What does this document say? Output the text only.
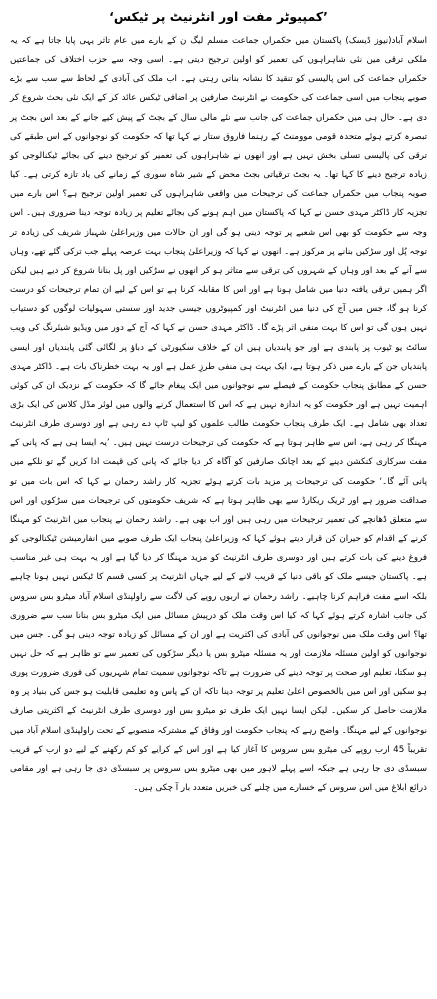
’کمپیوٹر مفت اور انٹرنیٹ پر ٹیکس‘

اسلام آباد(نیوز ڈیسک) پاکستان میں حکمراں جماعت مسلم لیگ ن کے بارے میں عام تاثر یہی پایا جاتا ہے کہ یہ ملکی ترقی میں نئی شاہراہوں کی تعمیر کو اولین ترجیح دیتی ہے۔ اسی وجہ سے حزب اختلاف کی جماعتیں حکمراں جماعت کی اس پالیسی کو تنقید کا نشانہ بناتی رہتی ہے۔ اب ملک کی آبادی کے لحاظ سے سب سے بڑے صوبے پنجاب میں اسی جماعت کی حکومت نے انٹرنیٹ صارفین پر اضافی ٹیکس عائد کر کے ایک نئی بحث شروع کر دی ہے۔ حال ہی میں حکمراں جماعت کی جانب سے نئے مالی سال کے بجٹ کے پیش کیے جانے کے بعد اس بجٹ پر تبصرہ کرتے ہوئے متحدہ قومی موومنٹ کے رہنما فاروق ستار نے کہا تھا کہ حکومت کو نوجوانوں کے اس طبقے کی ترقی کی پالیسی تسلی بخش نہیں ہے اور انھوں نے شاہراہوں کی تعمیر کو ترجیح دینے کی بجائے ٹیکنالوجی کو زیادہ ترجیح دینے کا کہا تھا۔ یہ بجٹ ترقیاتی بجٹ محض کے شیر شاہ سوری کے زمانے کی یاد تازہ کرتی ہے۔ کیا صوبہ پنجاب میں حکمراں جماعت کی ترجیحات میں واقعی شاہراہوں کی تعمیر اولین ترجیح ہے؟ اس بارے میں تجزیہ کار ڈاکٹر مہدی حسن نے کہا کہ پاکستان میں اہم ہونے کی بجائے تعلیم پر زیادہ توجہ دینا ضروری ہیں۔ اس وجہ سے حکومت کو بھی اس شعبے پر توجہ دینی ہو گی اور ان حالات میں وزیراعلیٰ شہباز شریف کی زیادہ تر توجہ پُل اور سڑکیں بنانے پر مرکوز ہے۔ انھوں نے کہا کہ وزیراعلیٰ پنجاب بہت عرصہ پہلے جب ترکی گئے تھے، وہاں سے آنے کے بعد اور وہاں کے شہروں کی ترقی سے متاثر ہو کر انھوں نے سڑکیں اور پل بنانا شروع کر دیے ہیں لیکن اگر ہمیں ترقی یافتہ دنیا میں شامل ہونا ہے اور اس کا مقابلہ کرنا ہے تو اس کے لیے ان تمام ترجیحات کو درست کرنا ہو گا، جس میں آج کی دنیا میں انٹرنیٹ اور کمپیوٹروں جیسی جدید اور سستی سہولیات لوگوں کو دستیاب نہیں ہوں گی تو اس کا بہت منفی اثر پڑے گا۔ ڈاکٹر مہدی حسن نے کہا کہ آج کے دور میں ویڈیو شیئرنگ کی ویب سائٹ یو ٹیوب پر پابندی ہے اور جو پابندیاں ہیں ان کے خلاف سکیورٹی کے دباؤ پر لگائی گئی پابندیاں اور ایسی پابندیاں جن کے بارے میں ذکر ہوتا ہے، ایک بہت ہی منفی طرزِ عمل ہے اور یہ بہت خطرناک بات ہے۔ ڈاکٹر مہدی حسن کے مطابق پنجاب حکومت کے فیصلے سے نوجوانوں میں ایک پیغام جائے گا کہ حکومت کے نزدیک ان کی کوئی اہمیت نہیں ہے اور حکومت کو یہ اندازہ نہیں ہے کہ اس کا استعمال کرنے والوں میں لوئر مڈل کلاس کی ایک بڑی تعداد بھی شامل ہے۔ ایک طرف پنجاب حکومت طالب علموں کو لیپ ٹاپ دے رہی ہے اور دوسری طرف انٹرنیٹ مہنگا کر رہی ہے، اس سے ظاہر ہوتا ہے کہ حکومت کی ترجیحات درست نہیں ہیں۔ ’یہ ایسا ہی ہے کہ پانی کے مفت سرکاری کنکشن دینے کے بعد اچانک صارفین کو آگاہ کر دیا جائے کہ پانی کی قیمت ادا کریں گے تو نلکے میں پانی آئے گا۔‘ حکومت کی ترجیحات پر مزید بات کرتے ہوئے تجزیہ کار راشد رحمان نے کہا کہ اس بات میں تو صداقت ضرور ہے اور ٹریک ریکارڈ سے بھی ظاہر ہوتا ہے کہ شریف حکومتوں کی ترجیحات میں سڑکوں اور اس سے متعلق ڈھانچے کی تعمیر ترجیحات میں رہی ہیں اور اب بھی ہے۔ راشد رحمان نے پنجاب میں انٹرنیٹ کو مہنگا کرنے کے اقدام کو حیران کن قرار دیتے ہوئے کہا کہ وزیراعلیٰ پنجاب ایک طرف صوبے میں انفارمیشن ٹیکنالوجی کو فروغ دینے کی بات کرتے ہیں اور دوسری طرف انٹرنیٹ کو مزید مہنگا کر دیا گیا ہے اور یہ بہت ہی غیر مناسب ہے۔ پاکستان جیسے ملک کو باقی دنیا کے قریب لانے کے لیے جہاں انٹرنیٹ پر کسی قسم کا ٹیکس نہیں ہونا چاہیے بلکہ اسے مفت فراہم کرنا چاہیے۔ راشد رحمان نے اربوں روپے کی لاگت سے راولپنڈی اسلام آباد میٹرو بس سروس کی جانب اشارہ کرتے ہوئے کہا کہ کیا اس وقت ملک کو درپیش مسائل میں ایک میٹرو بس بنانا سب سے ضروری تھا؟ اس وقت ملک میں نوجوانوں کی آبادی کی اکثریت ہے اور ان کے مسائل کو زیادہ توجہ دینی ہو گی۔ جس میں نوجوانوں کو اولین مسئلہ ملازمت اور یہ مسئلہ میٹرو بس یا دیگر سڑکوں کی تعمیر سے تو ظاہر ہے کہ حل نہیں ہو سکتا، تعلیم اور صحت پر توجہ دینے کی ضرورت ہے تاکہ نوجوانوں سمیت تمام شہریوں کی فوری ضرورت پوری ہو سکیں اور اس میں بالخصوص اعلیٰ تعلیم پر توجہ دینا تاکہ ان کے پاس وہ تعلیمی قابلیت ہو جس کی بنیاد پر وہ ملازمت حاصل کر سکیں۔ لیکن ایسا نہیں ایک طرف تو میٹرو بس اور دوسری طرف انٹرنیٹ کے اکثریتی صارف نوجوانوں کے لیے مہنگا۔ واضح رہے کہ پنجاب حکومت اور وفاق کے مشترکہ منصوبے کے تحت راولپنڈی اسلام آباد میں تقریباً 45 ارب روپے کی میٹرو بس سروس کا آغاز کیا ہے اور اس کے کرایے کو کم رکھنے کے لیے دو ارب کے قریب سبسڈی دی جا رہی ہے جبکہ اسے پہلے لاہور میں بھی میٹرو بس سروس پر سبسڈی دی جا رہی ہے اور مقامی ذرائع ابلاغ میں اس سروس کے خسارے میں چلنے کی خبریں متعدد بار آ چکی ہیں۔
